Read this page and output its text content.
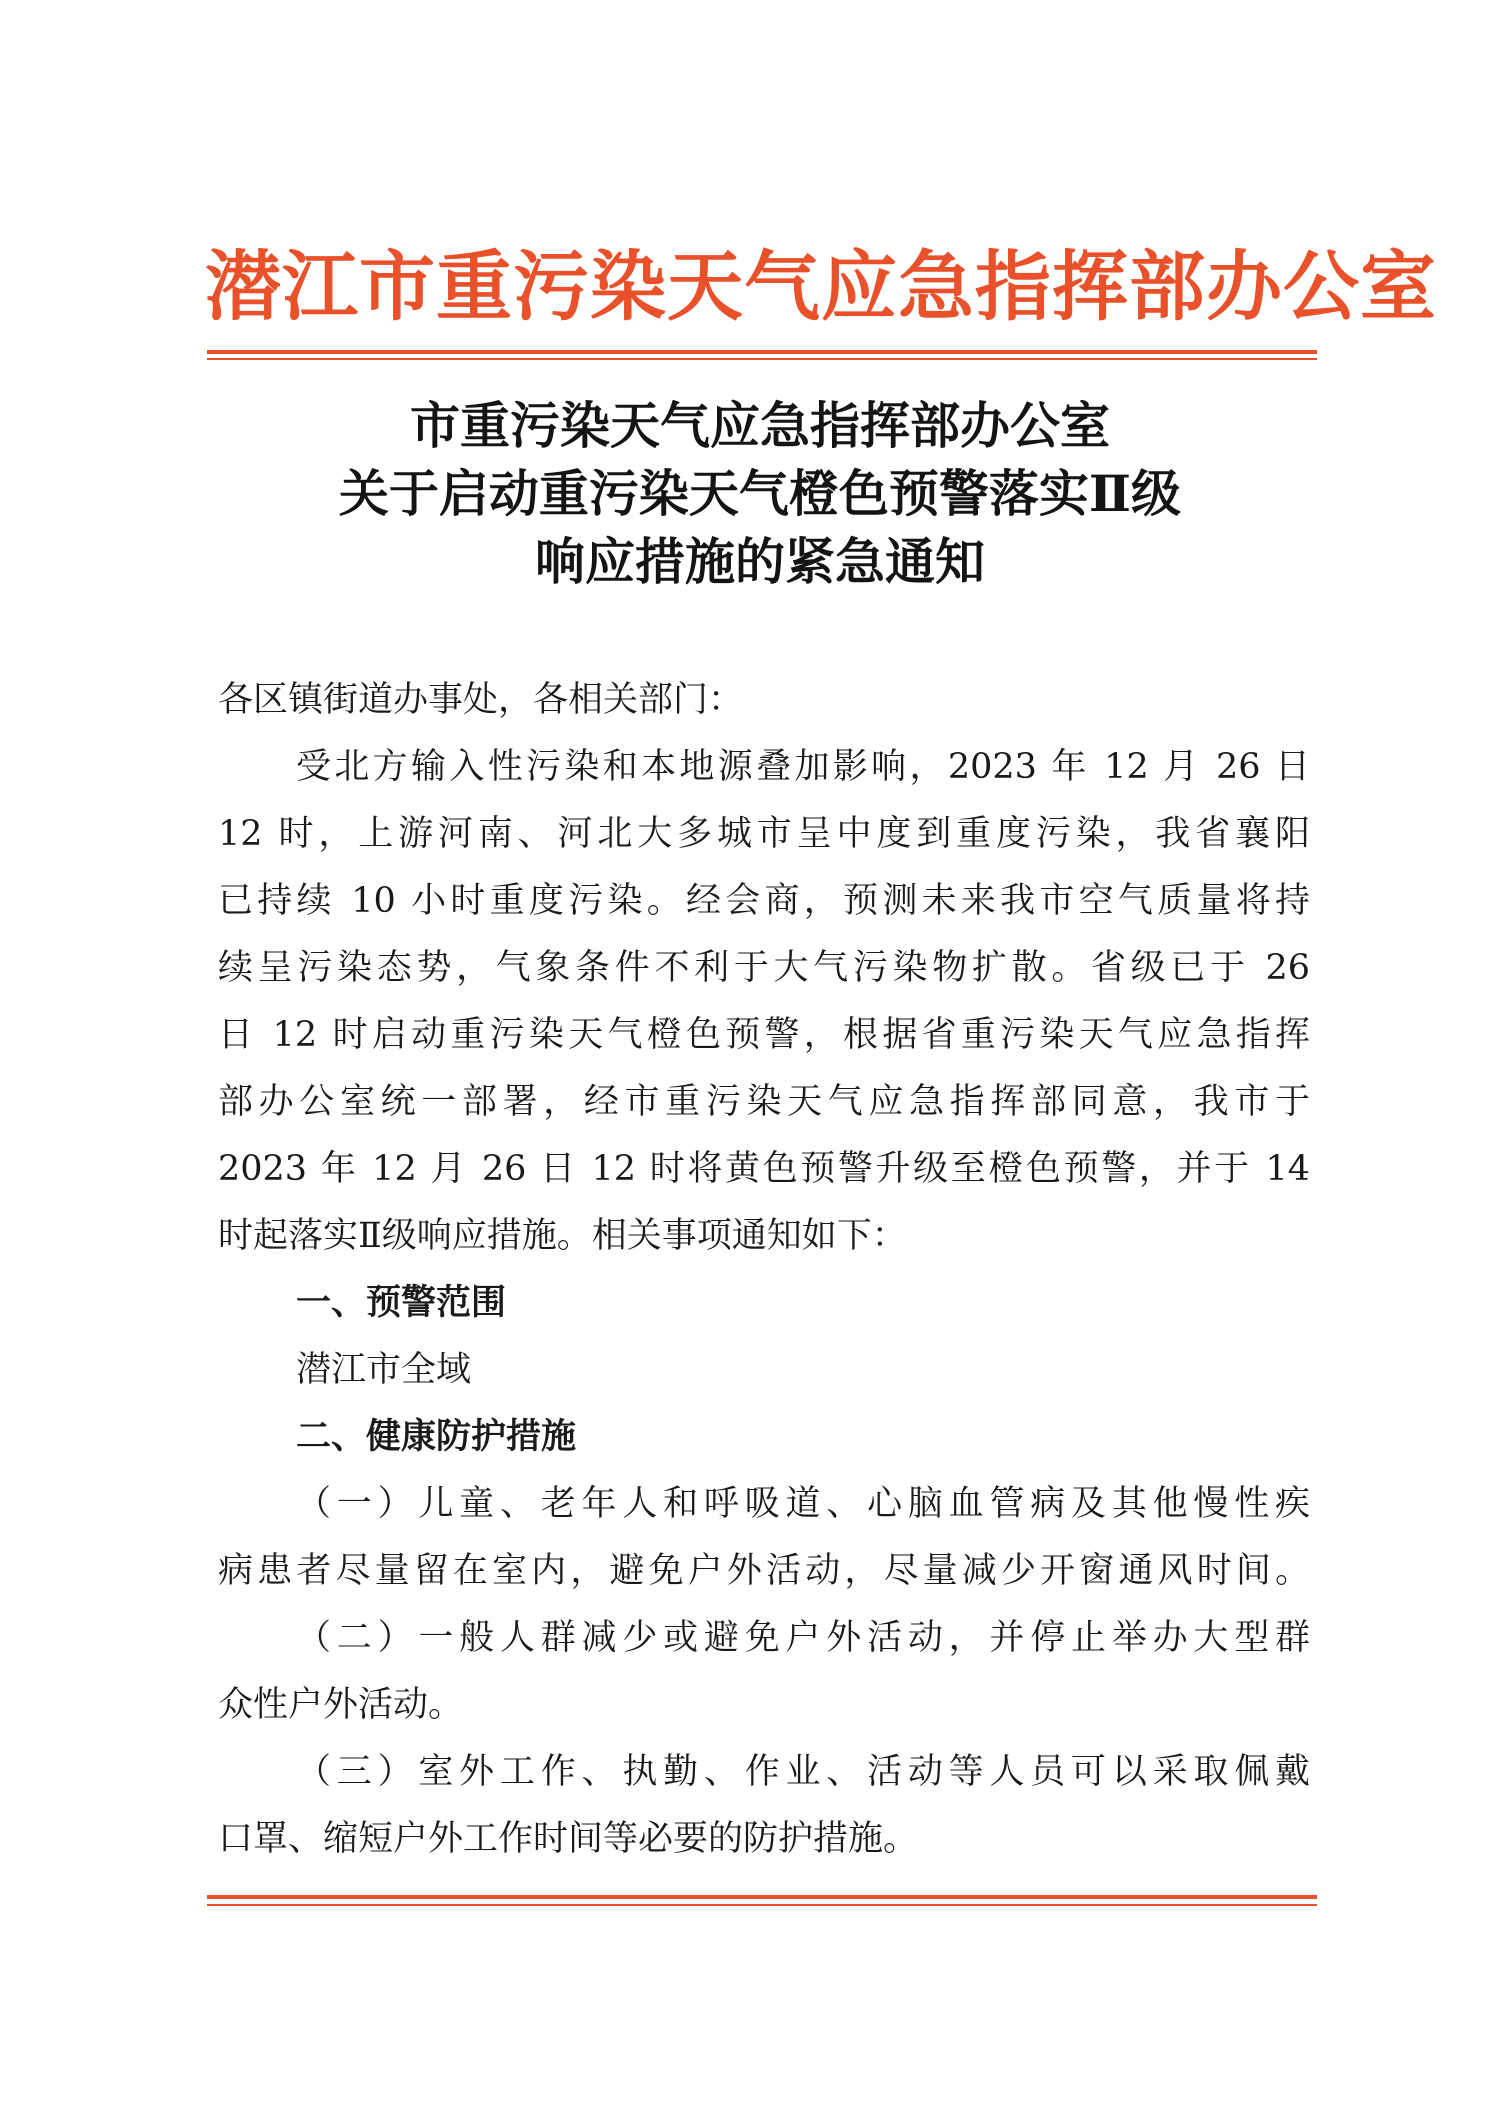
潜江市重污染天气应急指挥部办公室
市重污染天气应急指挥部办公室
关于启动重污染天气橙色预警落实Ⅱ级
响应措施的紧急通知
各区镇街道办事处，各相关部门：
受北方输入性污染和本地源叠加影响，2023 年 12 月 26 日
12 时，上游河南、河北大多城市呈中度到重度污染，我省襄阳
已持续 10 小时重度污染。经会商，预测未来我市空气质量将持
续呈污染态势，气象条件不利于大气污染物扩散。省级已于 26
日 12 时启动重污染天气橙色预警，根据省重污染天气应急指挥
部办公室统一部署，经市重污染天气应急指挥部同意，我市于
2023 年 12 月 26 日 12 时将黄色预警升级至橙色预警，并于 14
时起落实Ⅱ级响应措施。相关事项通知如下：
一、预警范围
潜江市全域
二、健康防护措施
（一）儿童、老年人和呼吸道、心脑血管病及其他慢性疾
病患者尽量留在室内，避免户外活动，尽量减少开窗通风时间。
（二）一般人群减少或避免户外活动，并停止举办大型群
众性户外活动。
（三）室外工作、执勤、作业、活动等人员可以采取佩戴
口罩、缩短户外工作时间等必要的防护措施。
